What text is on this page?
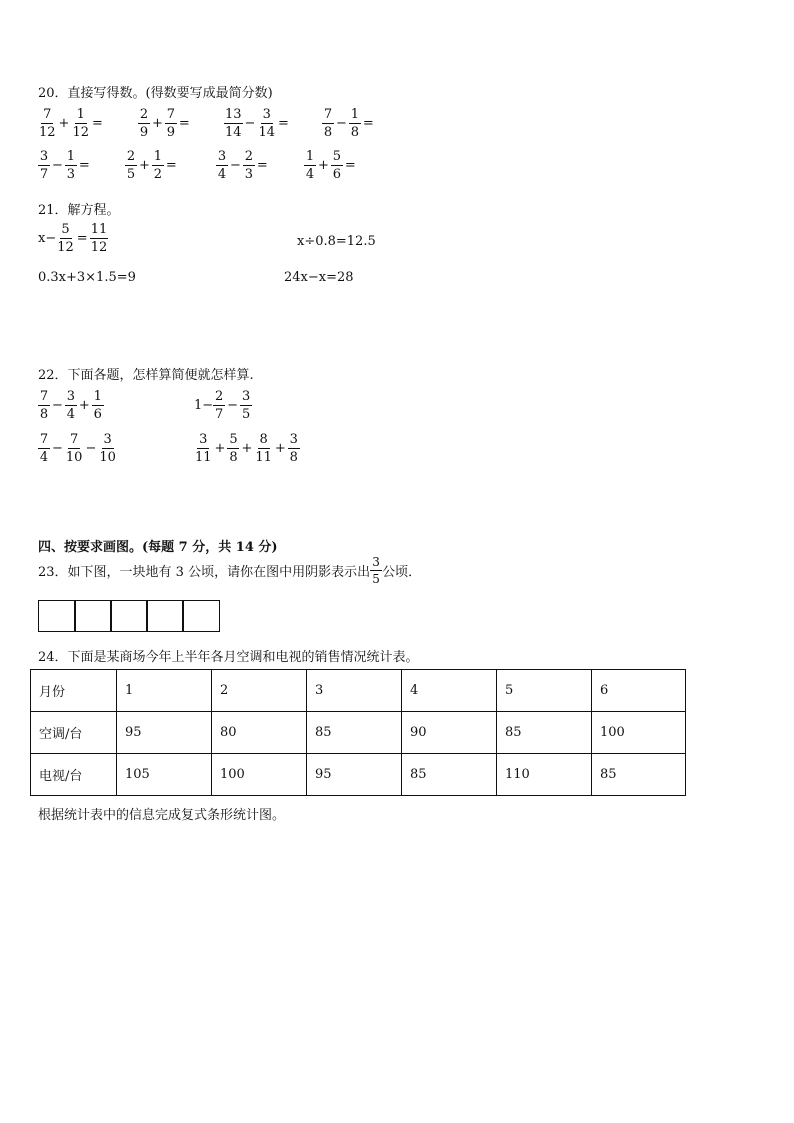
20．直接写得数。(得数要写成最简分数)
$\frac{7}{12} + \frac{1}{12}$ =	$\frac{2}{9} + \frac{7}{9}$ =	$\frac{13}{14} - \frac{3}{14}$ =	$\frac{7}{8} - \frac{1}{8}$ =
$\frac{3}{7} - \frac{1}{3}$ =	$\frac{2}{5} + \frac{1}{2}$ =	$\frac{3}{4} - \frac{2}{3}$ =	$\frac{1}{4} + \frac{5}{6}$ =
21．解方程。
$x- \frac{5}{12} = \frac{11}{12}$	x÷0.8=12.5
0.3x+3×1.5=9	24x−x=28
22．下面各题，怎样算简便就怎样算.
$\frac{7}{8} - \frac{3}{4} + \frac{1}{6}$	$1- \frac{2}{7} - \frac{3}{5}$
$\frac{7}{4} - \frac{7}{10} - \frac{3}{10}$	$\frac{3}{11} + \frac{5}{8} + \frac{8}{11} + \frac{3}{8}$
四、按要求画图。(每题 7 分，共 14 分)
23．如下图，一块地有 3 公顷，请你在图中用阴影表示出 $\frac{3}{5}$ 公顷．
24．下面是某商场今年上半年各月空调和电视的销售情况统计表。
月份	1	2	3	4	5	6
空调/台	95	80	85	90	85	100
电视/台	105	100	95	85	110	85
根据统计表中的信息完成复式条形统计图。
